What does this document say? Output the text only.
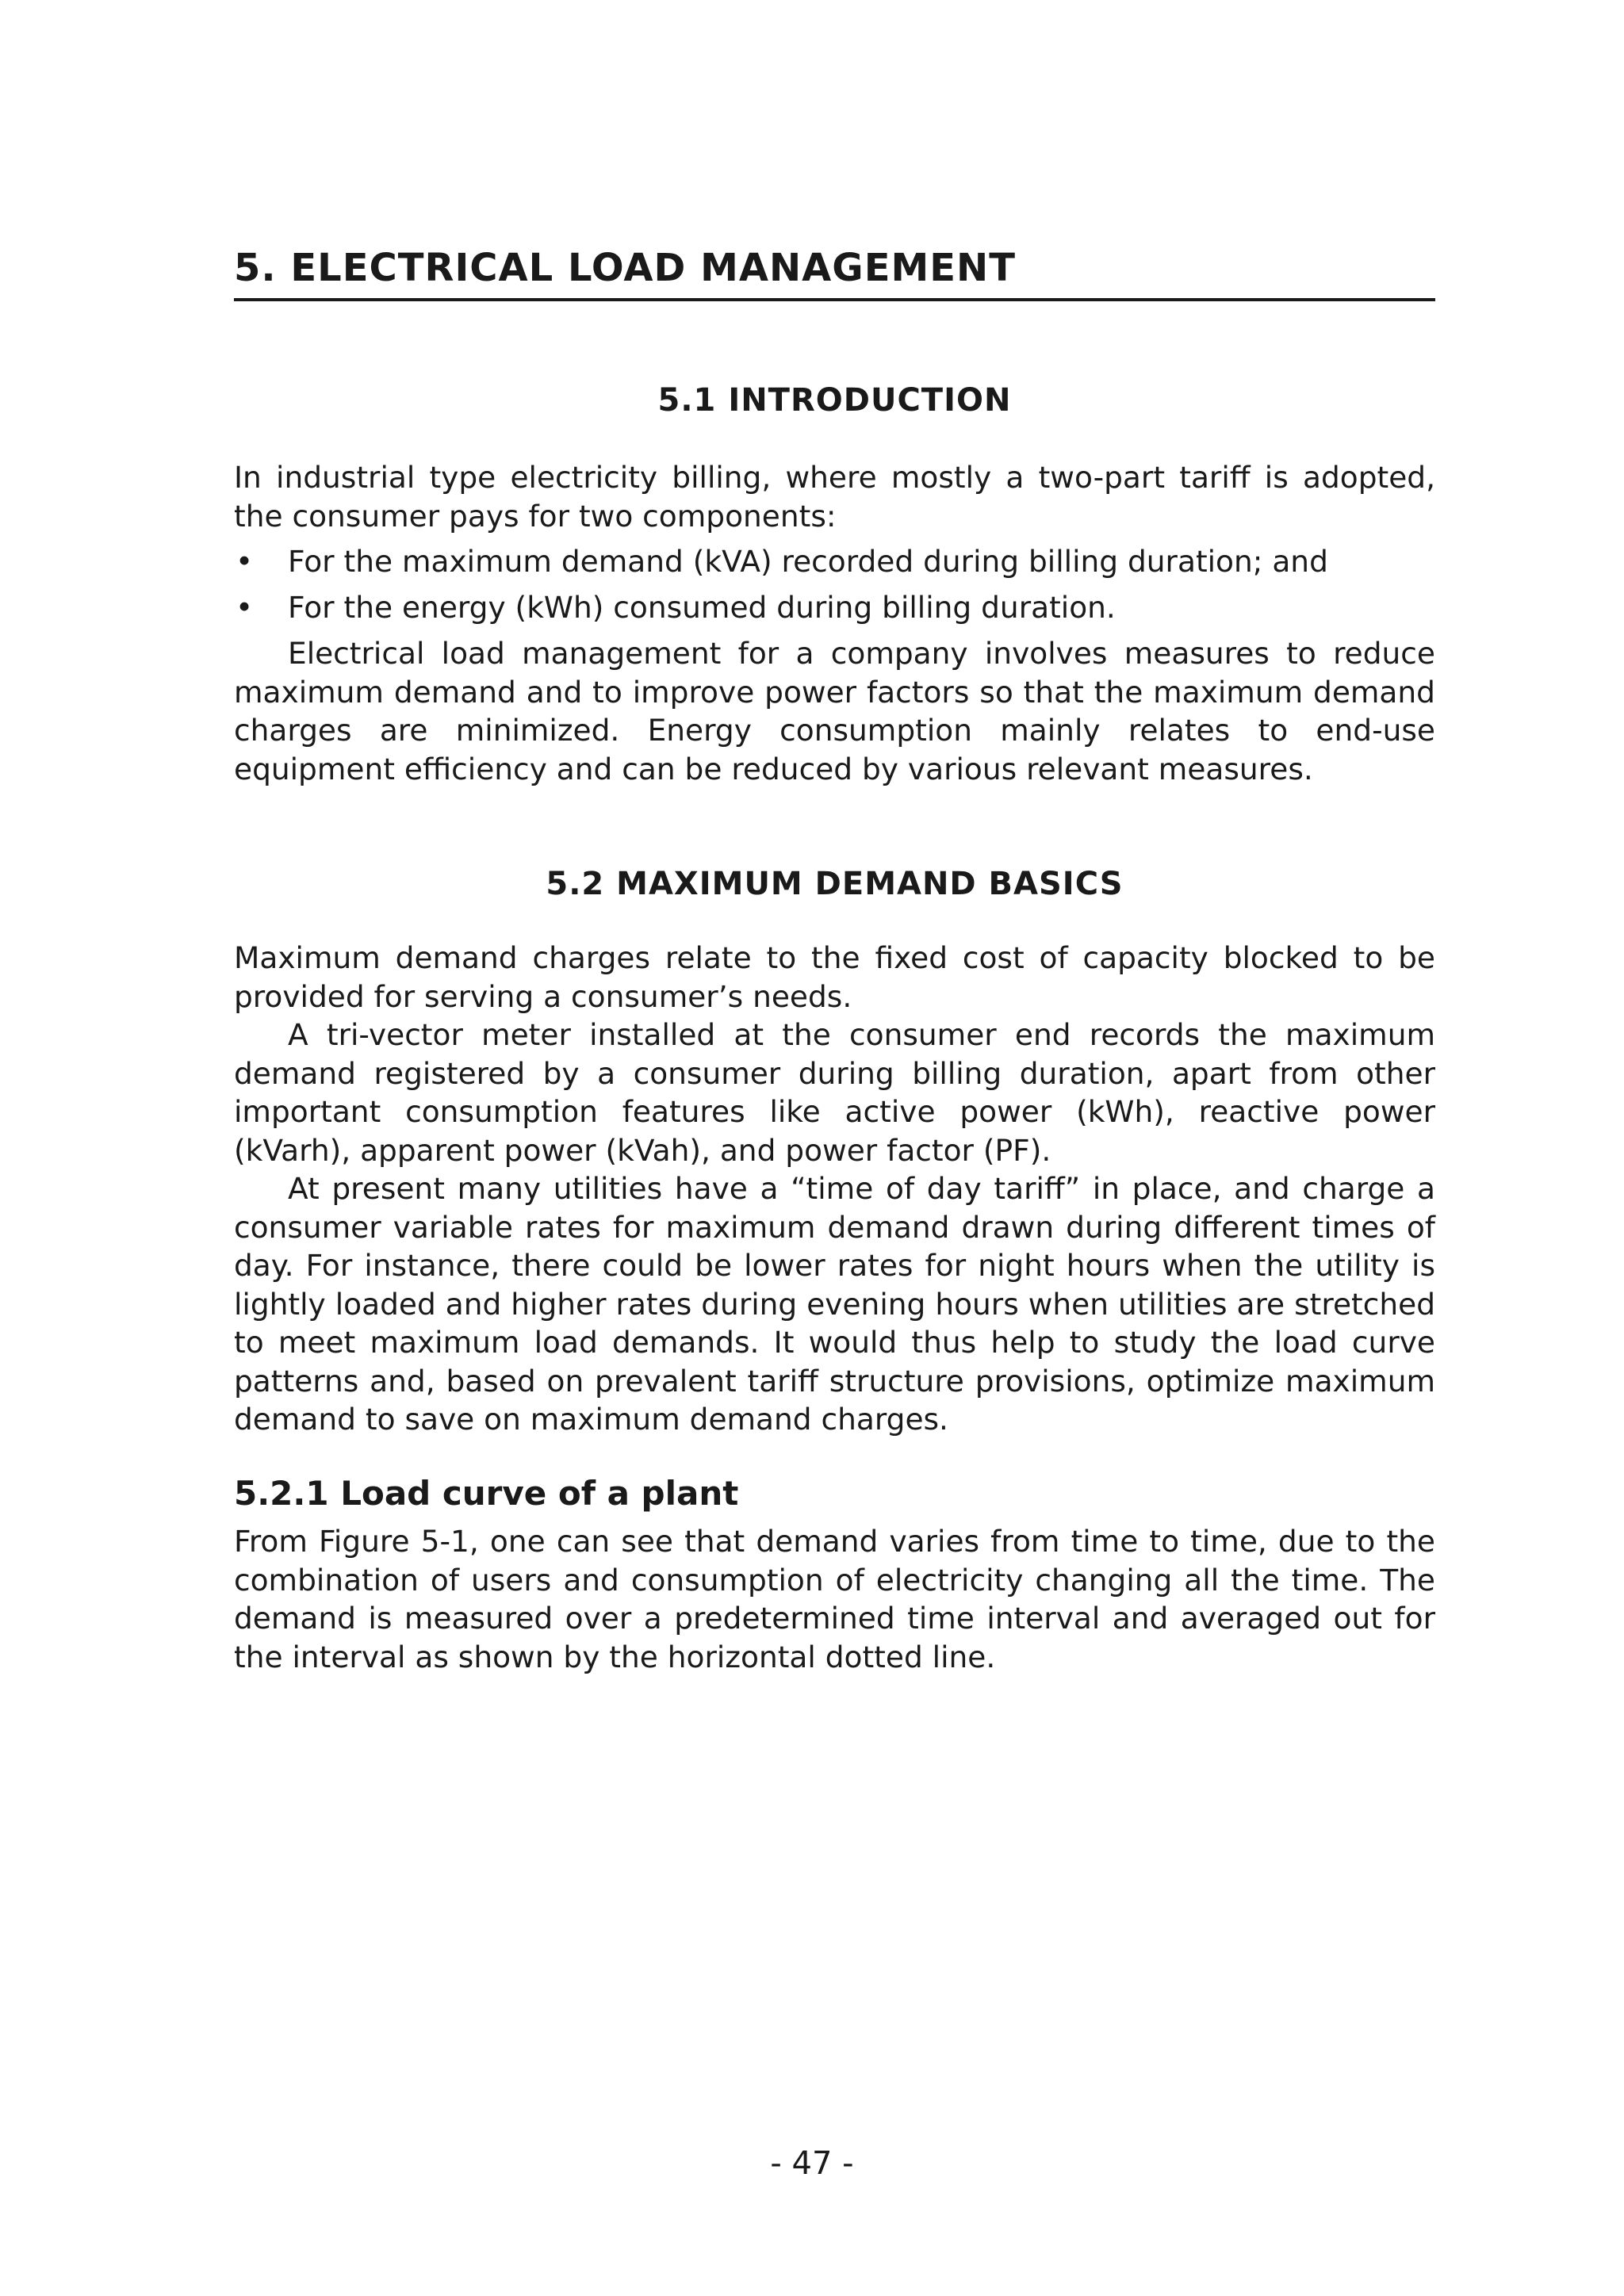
5. ELECTRICAL LOAD MANAGEMENT
5.1 INTRODUCTION

In industrial type electricity billing, where mostly a two-part tariff is adopted, the consumer pays for two components:

• For the maximum demand (kVA) recorded during billing duration; and
• For the energy (kWh) consumed during billing duration.

Electrical load management for a company involves measures to reduce maximum demand and to improve power factors so that the maximum demand charges are minimized. Energy consumption mainly relates to end-use equipment efficiency and can be reduced by various relevant measures.

5.2 MAXIMUM DEMAND BASICS

Maximum demand charges relate to the fixed cost of capacity blocked to be provided for serving a consumer’s needs.

A tri-vector meter installed at the consumer end records the maximum demand registered by a consumer during billing duration, apart from other important consumption features like active power (kWh), reactive power (kVarh), apparent power (kVah), and power factor (PF).

At present many utilities have a “time of day tariff” in place, and charge a consumer variable rates for maximum demand drawn during different times of day. For instance, there could be lower rates for night hours when the utility is lightly loaded and higher rates during evening hours when utilities are stretched to meet maximum load demands. It would thus help to study the load curve patterns and, based on prevalent tariff structure provisions, optimize maximum demand to save on maximum demand charges.

5.2.1 Load curve of a plant

From Figure 5-1, one can see that demand varies from time to time, due to the combination of users and consumption of electricity changing all the time. The demand is measured over a predetermined time interval and averaged out for the interval as shown by the horizontal dotted line.

- 47 -
